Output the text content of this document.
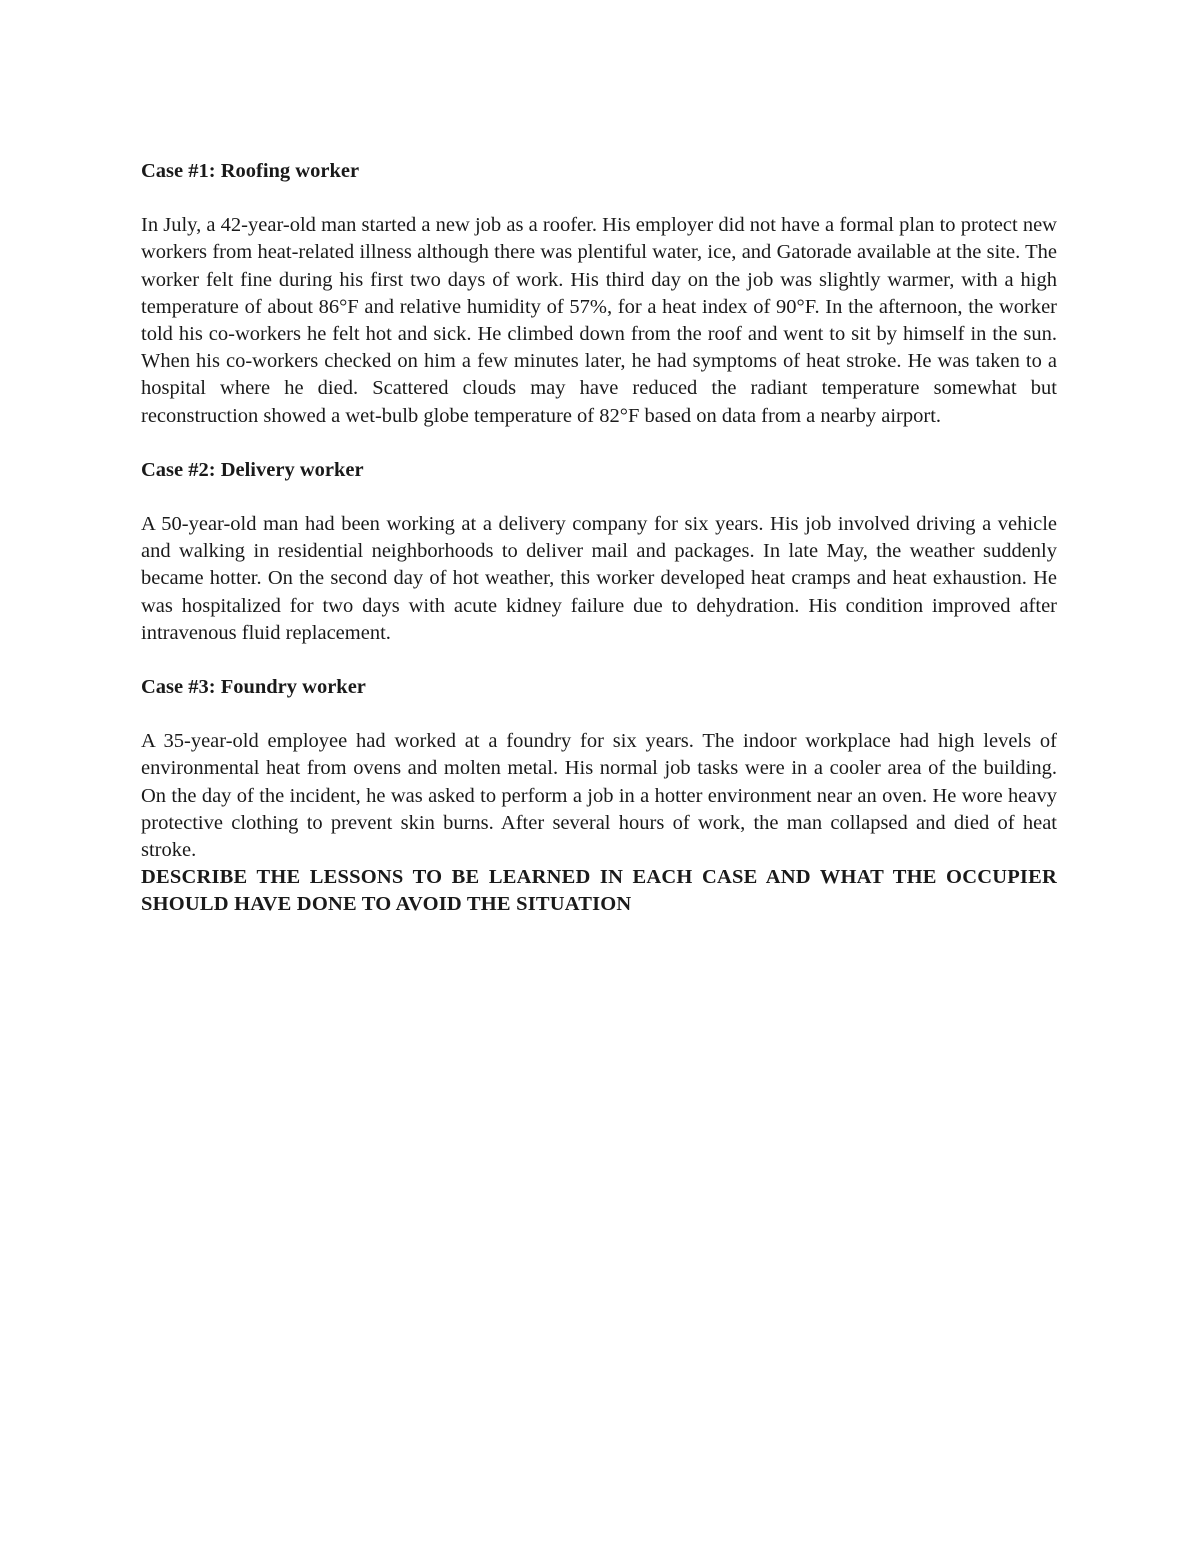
Case #1: Roofing worker

In July, a 42-year-old man started a new job as a roofer. His employer did not have a formal plan to protect new workers from heat-related illness although there was plentiful water, ice, and Gatorade available at the site. The worker felt fine during his first two days of work. His third day on the job was slightly warmer, with a high temperature of about 86°F and relative humidity of 57%, for a heat index of 90°F. In the afternoon, the worker told his co-workers he felt hot and sick. He climbed down from the roof and went to sit by himself in the sun. When his co-workers checked on him a few minutes later, he had symptoms of heat stroke. He was taken to a hospital where he died. Scattered clouds may have reduced the radiant temperature somewhat but reconstruction showed a wet-bulb globe temperature of 82°F based on data from a nearby airport.

Case #2: Delivery worker

A 50-year-old man had been working at a delivery company for six years. His job involved driving a vehicle and walking in residential neighborhoods to deliver mail and packages. In late May, the weather suddenly became hotter. On the second day of hot weather, this worker developed heat cramps and heat exhaustion. He was hospitalized for two days with acute kidney failure due to dehydration. His condition improved after intravenous fluid replacement.

Case #3: Foundry worker

A 35-year-old employee had worked at a foundry for six years. The indoor workplace had high levels of environmental heat from ovens and molten metal. His normal job tasks were in a cooler area of the building. On the day of the incident, he was asked to perform a job in a hotter environment near an oven. He wore heavy protective clothing to prevent skin burns. After several hours of work, the man collapsed and died of heat stroke.

DESCRIBE THE LESSONS TO BE LEARNED IN EACH CASE AND WHAT THE OCCUPIER SHOULD HAVE DONE TO AVOID THE SITUATION
